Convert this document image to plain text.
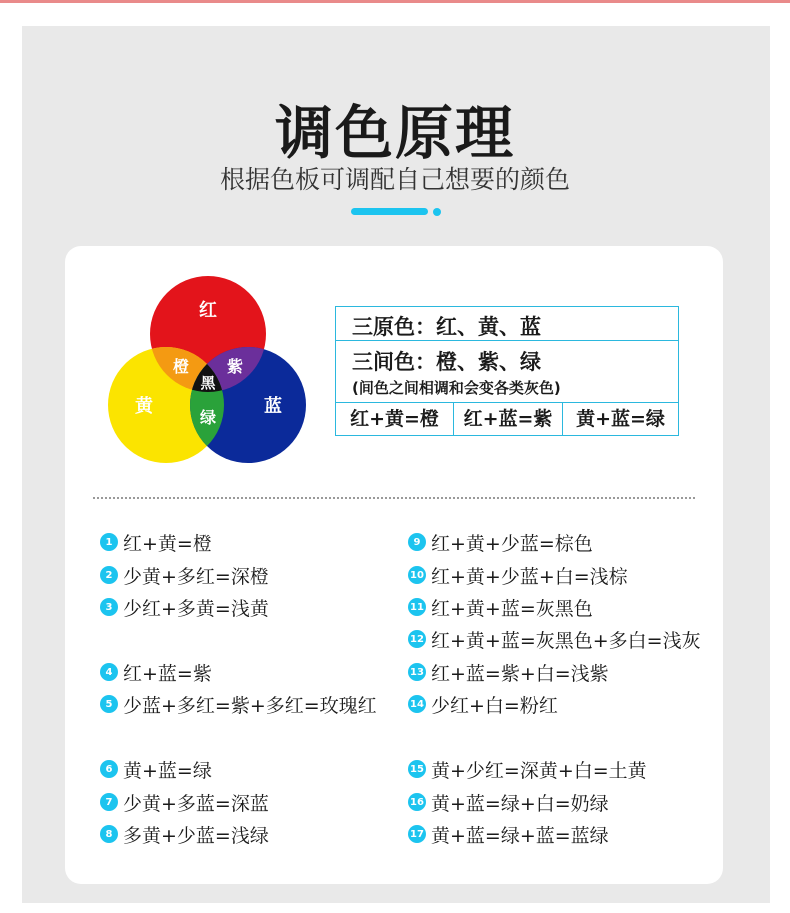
调色原理
根据色板可调配自己想要的颜色
红
橙 紫
黑
黄
绿
蓝
三原色：红、黄、蓝
三间色：橙、紫、绿
(间色之间相调和会变各类灰色)
红+黄=橙	红+蓝=紫	黄+蓝=绿
1 红+黄=橙
2 少黄+多红=深橙
3 少红+多黄=浅黄
4 红+蓝=紫
5 少蓝+多红=紫+多红=玫瑰红
6 黄+蓝=绿
7 少黄+多蓝=深蓝
8 多黄+少蓝=浅绿
9 红+黄+少蓝=棕色
10 红+黄+少蓝+白=浅棕
11 红+黄+蓝=灰黑色
12 红+黄+蓝=灰黑色+多白=浅灰
13 红+蓝=紫+白=浅紫
14 少红+白=粉红
15 黄+少红=深黄+白=土黄
16 黄+蓝=绿+白=奶绿
17 黄+蓝=绿+蓝=蓝绿
